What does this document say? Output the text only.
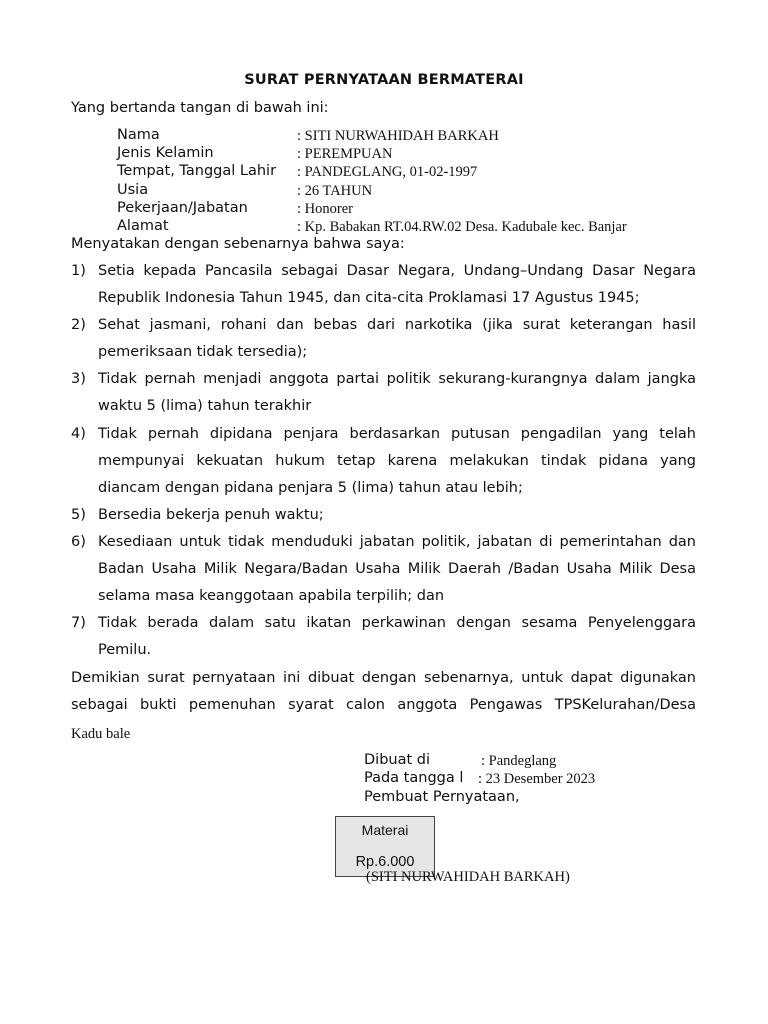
SURAT PERNYATAAN BERMATERAI
Yang bertanda tangan di bawah ini:
Nama	: SITI NURWAHIDAH BARKAH
Jenis Kelamin	: PEREMPUAN
Tempat, Tanggal Lahir : PANDEGLANG, 01-02-1997
Usia	: 26 TAHUN
Pekerjaan/Jabatan	: Honorer
Alamat	: Kp. Babakan RT.04.RW.02 Desa. Kadubale kec. Banjar
Menyatakan dengan sebenarnya bahwa saya:
1) Setia kepada Pancasila sebagai Dasar Negara, Undang–Undang Dasar Negara Republik Indonesia Tahun 1945, dan cita-cita Proklamasi 17 Agustus 1945;
2) Sehat jasmani, rohani dan bebas dari narkotika (jika surat keterangan hasil pemeriksaan tidak tersedia);
3) Tidak pernah menjadi anggota partai politik sekurang-kurangnya dalam jangka waktu 5 (lima) tahun terakhir
4) Tidak pernah dipidana penjara berdasarkan putusan pengadilan yang telah mempunyai kekuatan hukum tetap karena melakukan tindak pidana yang diancam dengan pidana penjara 5 (lima) tahun atau lebih;
5) Bersedia bekerja penuh waktu;
6) Kesediaan untuk tidak menduduki jabatan politik, jabatan di pemerintahan dan Badan Usaha Milik Negara/Badan Usaha Milik Daerah /Badan Usaha Milik Desa selama masa keanggotaan apabila terpilih; dan
7) Tidak berada dalam satu ikatan perkawinan dengan sesama Penyelenggara Pemilu.
Demikian surat pernyataan ini dibuat dengan sebenarnya, untuk dapat digunakan sebagai bukti pemenuhan syarat calon anggota Pengawas TPSKelurahan/Desa
Kadu bale
Dibuat di	: Pandeglang
Pada tangga l : 23 Desember 2023
Pembuat Pernyataan,
Materai
Rp.6.000
(SITI NURWAHIDAH BARKAH)
